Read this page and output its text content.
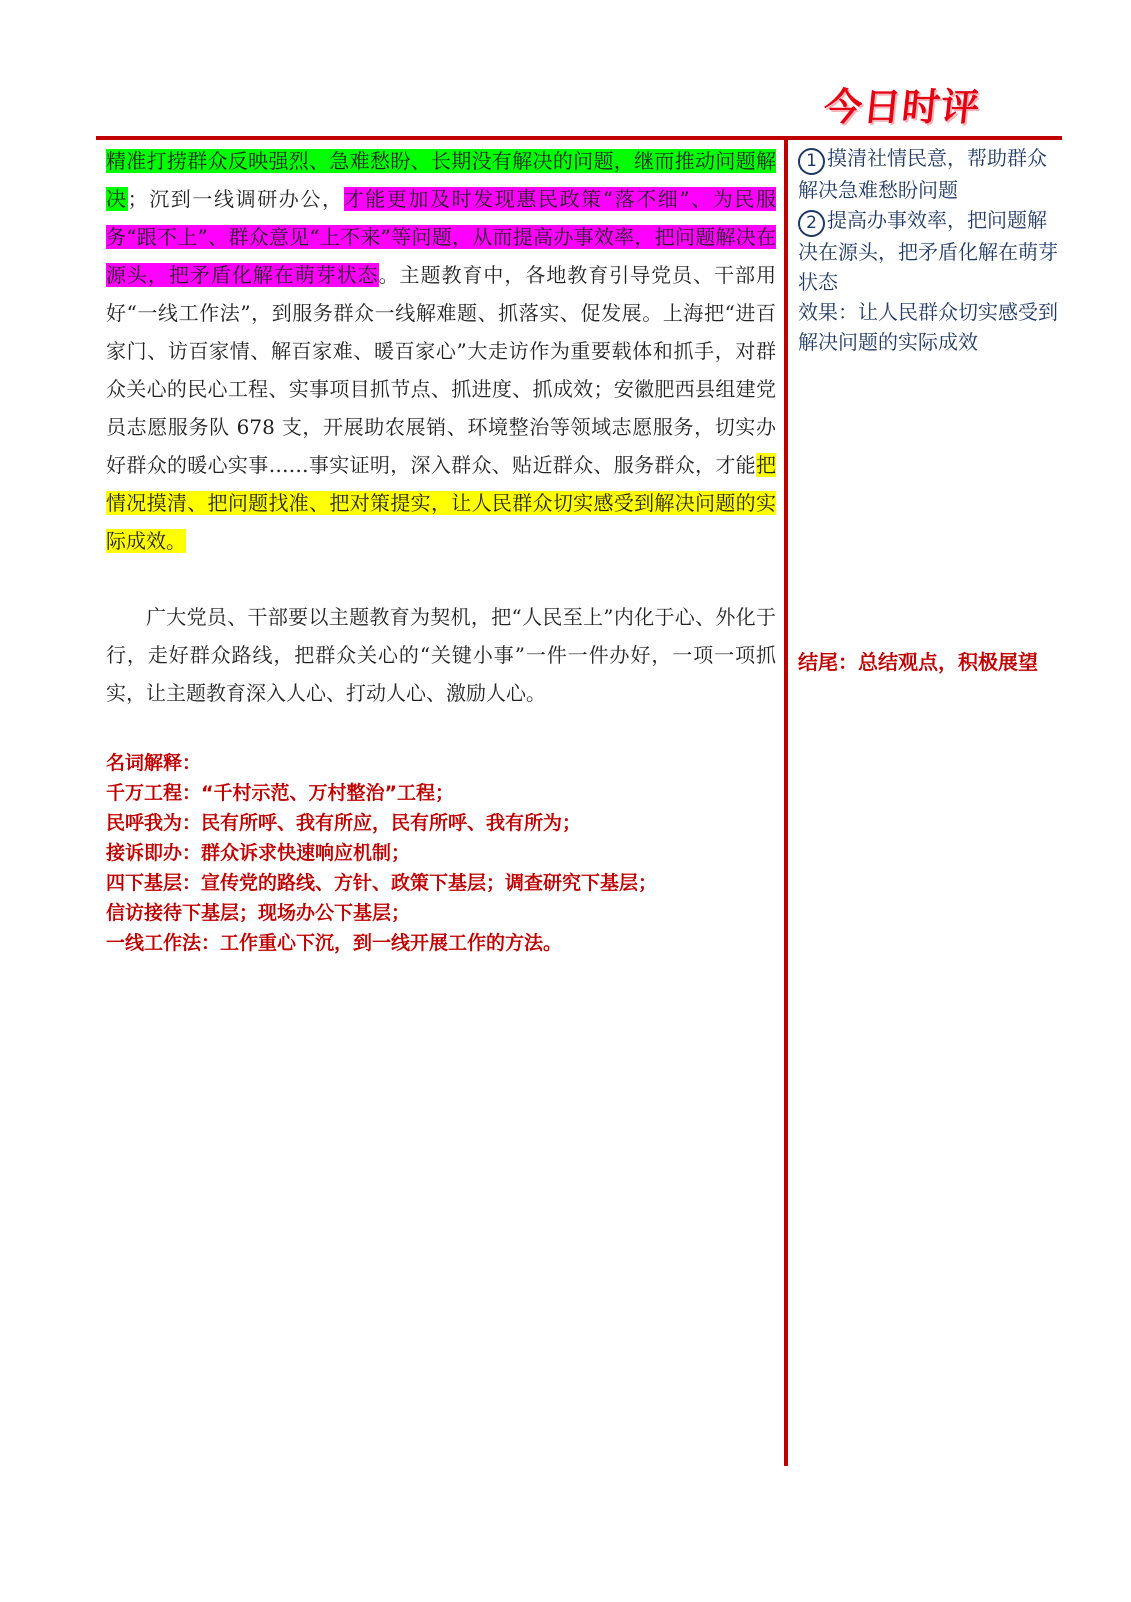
今日时评

精准打捞群众反映强烈、急难愁盼、长期没有解决的问题，继而推动问题解决；沉到一线调研办公，才能更加及时发现惠民政策“落不细”、为民服务“跟不上”、群众意见“上不来”等问题，从而提高办事效率，把问题解决在源头，把矛盾化解在萌芽状态。主题教育中，各地教育引导党员、干部用好“一线工作法”，到服务群众一线解难题、抓落实、促发展。上海把“进百家门、访百家情、解百家难、暖百家心”大走访作为重要载体和抓手，对群众关心的民心工程、实事项目抓节点、抓进度、抓成效；安徽肥西县组建党员志愿服务队 678 支，开展助农展销、环境整治等领域志愿服务，切实办好群众的暖心实事……事实证明，深入群众、贴近群众、服务群众，才能把情况摸清、把问题找准、把对策提实，让人民群众切实感受到解决问题的实际成效。

广大党员、干部要以主题教育为契机，把“人民至上”内化于心、外化于行，走好群众路线，把群众关心的“关键小事”一件一件办好，一项一项抓实，让主题教育深入人心、打动人心、激励人心。

名词解释：
千万工程：“千村示范、万村整治”工程；
民呼我为：民有所呼、我有所应，民有所呼、我有所为；
接诉即办：群众诉求快速响应机制；
四下基层：宣传党的路线、方针、政策下基层；调查研究下基层；
信访接待下基层；现场办公下基层；
一线工作法：工作重心下沉，到一线开展工作的方法。

1 摸清社情民意，帮助群众解决急难愁盼问题

2 提高办事效率，把问题解决在源头，把矛盾化解在萌芽状态

效果：让人民群众切实感受到解决问题的实际成效

结尾：总结观点，积极展望
